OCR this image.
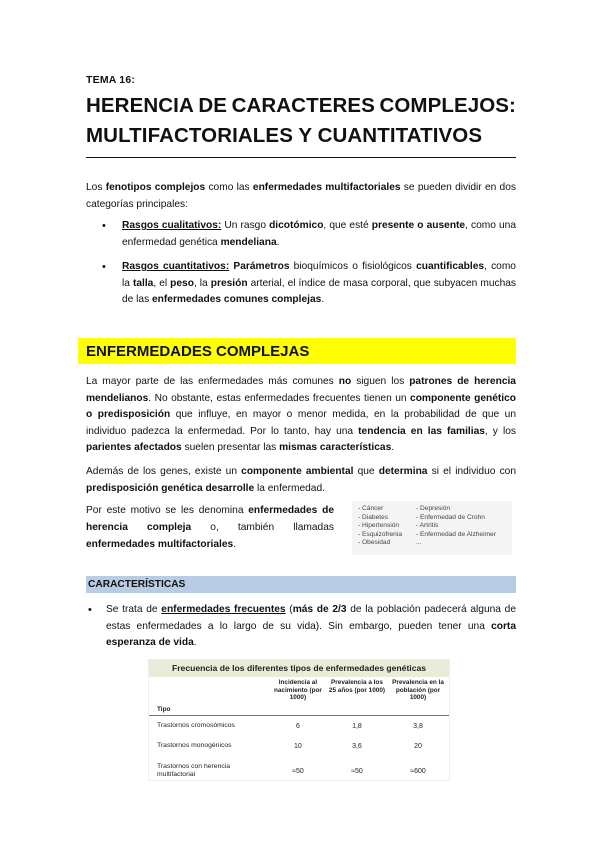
TEMA 16:
HERENCIA DE CARACTERES COMPLEJOS:
MULTIFACTORIALES Y CUANTITATIVOS

Los fenotipos complejos como las enfermedades multifactoriales se pueden dividir en dos categorías principales:

• Rasgos cualitativos: Un rasgo dicotómico, que esté presente o ausente, como una enfermedad genética mendeliana.
• Rasgos cuantitativos: Parámetros bioquímicos o fisiológicos cuantificables, como la talla, el peso, la presión arterial, el índice de masa corporal, que subyacen muchas de las enfermedades comunes complejas.
ENFERMEDADES COMPLEJAS

La mayor parte de las enfermedades más comunes no siguen los patrones de herencia mendelianos. No obstante, estas enfermedades frecuentes tienen un componente genético o predisposición que influye, en mayor o menor medida, en la probabilidad de que un individuo padezca la enfermedad. Por lo tanto, hay una tendencia en las familias, y los parientes afectados suelen presentar las mismas características.

Además de los genes, existe un componente ambiental que determina si el individuo con predisposición genética desarrolle la enfermedad.

Por este motivo se les denomina enfermedades de herencia compleja o, también llamadas enfermedades multifactoriales.

- Cáncer
- Diabetes
- Hipertensión
- Esquizofrenia
- Obesidad
- Depresión
- Enfermedad de Crohn
- Artritis
- Enfermedad de Alzheimer
...
CARACTERÍSTICAS
• Se trata de enfermedades frecuentes (más de 2/3 de la población padecerá alguna de estas enfermedades a lo largo de su vida). Sin embargo, pueden tener una corta esperanza de vida.
Frecuencia de los diferentes tipos de enfermedades genéticas
Tipo	Incidencia al nacimiento (por 1000)	Prevalencia a los 25 años (por 1000)	Prevalencia en la población (por 1000)
Trastornos cromosómicos	6	1,8	3,8
Trastornos monogénicos	10	3,6	20
Trastornos con herencia multifactorial	≈50	≈50	≈600
